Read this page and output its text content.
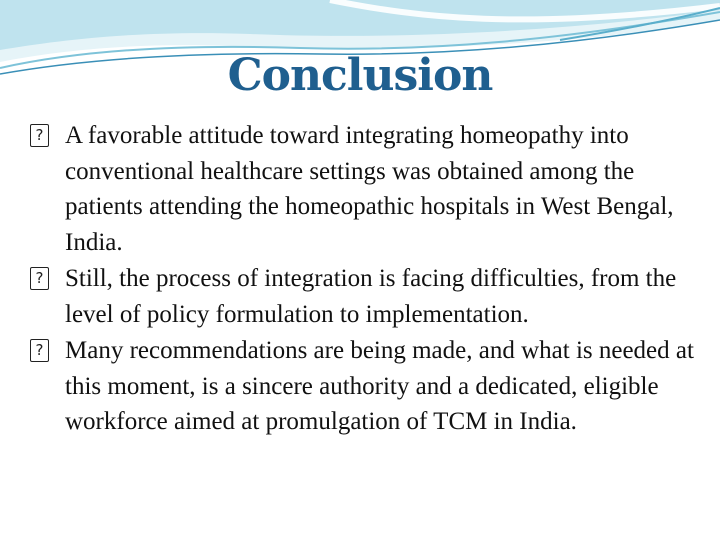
Conclusion
? A favorable attitude toward integrating homeopathy into conventional healthcare settings was obtained among the patients attending the homeopathic hospitals in West Bengal, India.
? Still, the process of integration is facing difficulties, from the level of policy formulation to implementation.
? Many recommendations are being made, and what is needed at this moment, is a sincere authority and a dedicated, eligible workforce aimed at promulgation of TCM in India.
